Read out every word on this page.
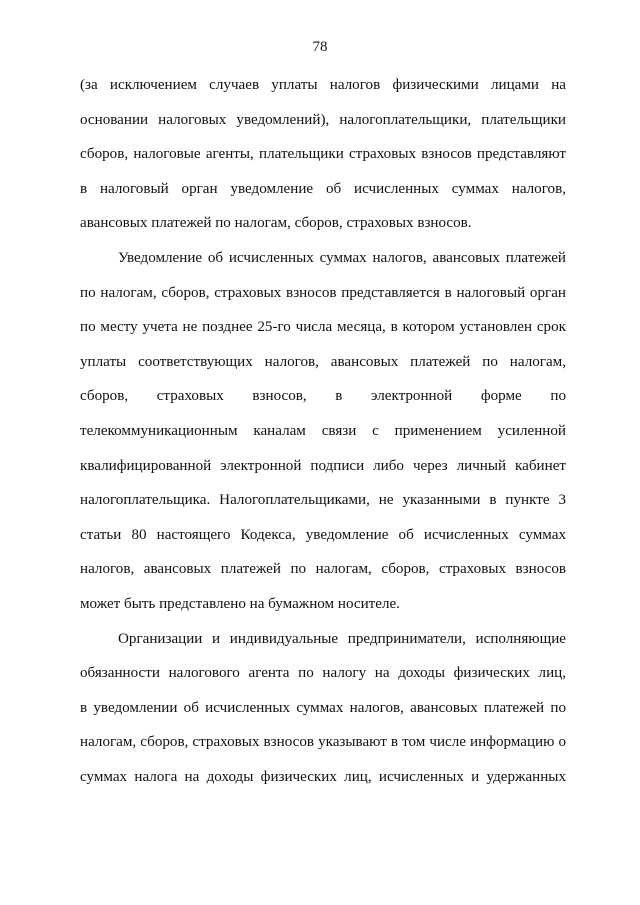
78

(за исключением случаев уплаты налогов физическими лицами на
основании налоговых уведомлений), налогоплательщики, плательщики
сборов, налоговые агенты, плательщики страховых взносов представляют
в налоговый орган уведомление об исчисленных суммах налогов,
авансовых платежей по налогам, сборов, страховых взносов.

Уведомление об исчисленных суммах налогов, авансовых платежей
по налогам, сборов, страховых взносов представляется в налоговый орган
по месту учета не позднее 25-го числа месяца, в котором установлен срок
уплаты соответствующих налогов, авансовых платежей по налогам,
сборов, страховых взносов, в электронной форме по
телекоммуникационным каналам связи с применением усиленной
квалифицированной электронной подписи либо через личный кабинет
налогоплательщика. Налогоплательщиками, не указанными в пункте 3
статьи 80 настоящего Кодекса, уведомление об исчисленных суммах
налогов, авансовых платежей по налогам, сборов, страховых взносов
может быть представлено на бумажном носителе.

Организации и индивидуальные предприниматели, исполняющие
обязанности налогового агента по налогу на доходы физических лиц,
в уведомлении об исчисленных суммах налогов, авансовых платежей по
налогам, сборов, страховых взносов указывают в том числе информацию о
суммах налога на доходы физических лиц, исчисленных и удержанных
